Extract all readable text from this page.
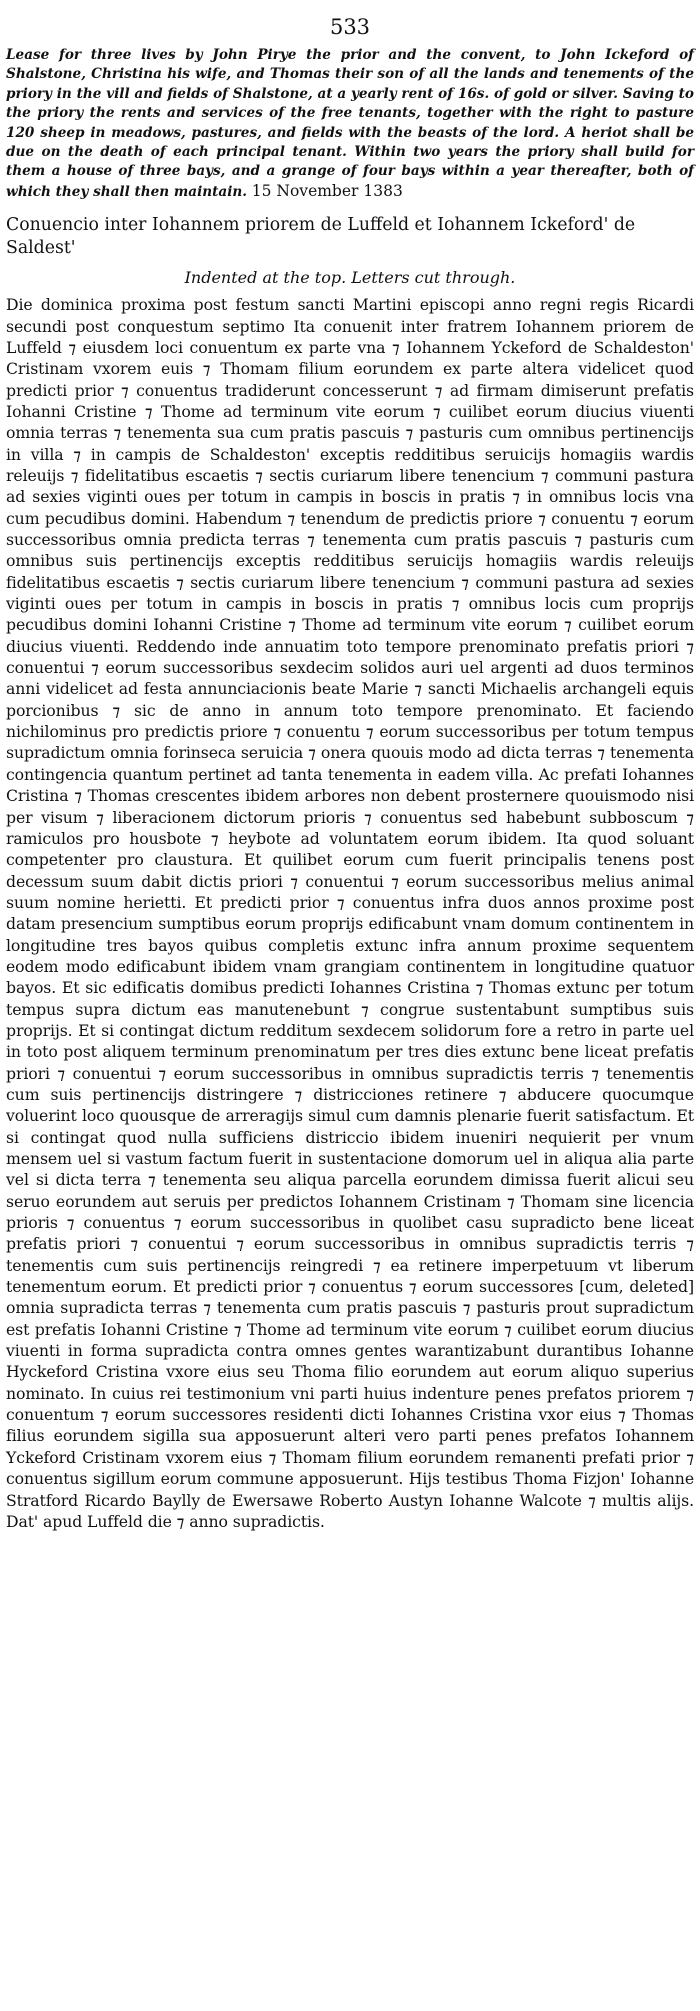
533

Lease for three lives by John Pirye the prior and the convent, to John Ickeford of Shalstone, Christina his wife, and Thomas their son of all the lands and tenements of the priory in the vill and fields of Shalstone, at a yearly rent of 16s. of gold or silver. Saving to the priory the rents and services of the free tenants, together with the right to pasture 120 sheep in meadows, pastures, and fields with the beasts of the lord. A heriot shall be due on the death of each principal tenant. Within two years the priory shall build for them a house of three bays, and a grange of four bays within a year thereafter, both of which they shall then maintain. 15 November 1383

Conuencio inter Iohannem priorem de Luffeld et Iohannem Ickeford' de Saldest'
Indented at the top. Letters cut through.

Die dominica proxima post festum sancti Martini episcopi anno regni regis Ricardi secundi post conquestum septimo Ita conuenit inter fratrem Iohannem priorem de Luffeld ⁊ eiusdem loci conuentum ex parte vna ⁊ Iohannem Yckeford de Schaldeston' Cristinam vxorem euis ⁊ Thomam filium eorundem ex parte altera videlicet quod predicti prior ⁊ conuentus tradiderunt concesserunt ⁊ ad firmam dimiserunt prefatis Iohanni Cristine ⁊ Thome ad terminum vite eorum ⁊ cuilibet eorum diucius viuenti omnia terras ⁊ tenementa sua cum pratis pascuis ⁊ pasturis cum omnibus pertinencijs in villa ⁊ in campis de Schaldeston' exceptis redditibus seruicijs homagiis wardis releuijs ⁊ fidelitatibus escaetis ⁊ sectis curiarum libere tenencium ⁊ communi pastura ad sexies viginti oues per totum in campis in boscis in pratis ⁊ in omnibus locis vna cum pecudibus domini. Habendum ⁊ tenendum de predictis priore ⁊ conuentu ⁊ eorum successoribus omnia predicta terras ⁊ tenementa cum pratis pascuis ⁊ pasturis cum omnibus suis pertinencijs exceptis redditibus seruicijs homagiis wardis releuijs fidelitatibus escaetis ⁊ sectis curiarum libere tenencium ⁊ communi pastura ad sexies viginti oues per totum in campis in boscis in pratis ⁊ omnibus locis cum proprijs pecudibus domini Iohanni Cristine ⁊ Thome ad terminum vite eorum ⁊ cuilibet eorum diucius viuenti. Reddendo inde annuatim toto tempore prenominato prefatis priori ⁊ conuentui ⁊ eorum successoribus sexdecim solidos auri uel argenti ad duos terminos anni videlicet ad festa annunciacionis beate Marie ⁊ sancti Michaelis archangeli equis porcionibus ⁊ sic de anno in annum toto tempore prenominato. Et faciendo nichilominus pro predictis priore ⁊ conuentu ⁊ eorum successoribus per totum tempus supradictum omnia forinseca seruicia ⁊ onera quouis modo ad dicta terras ⁊ tenementa contingencia quantum pertinet ad tanta tenementa in eadem villa. Ac prefati Iohannes Cristina ⁊ Thomas crescentes ibidem arbores non debent prosternere quouismodo nisi per visum ⁊ liberacionem dictorum prioris ⁊ conuentus sed habebunt subboscum ⁊ ramiculos pro housbote ⁊ heybote ad voluntatem eorum ibidem. Ita quod soluant competenter pro claustura. Et quilibet eorum cum fuerit principalis tenens post decessum suum dabit dictis priori ⁊ conuentui ⁊ eorum successoribus melius animal suum nomine herietti. Et predicti prior ⁊ conuentus infra duos annos proxime post datam presencium sumptibus eorum proprijs edificabunt vnam domum continentem in longitudine tres bayos quibus completis extunc infra annum proxime sequentem eodem modo edificabunt ibidem vnam grangiam continentem in longitudine quatuor bayos. Et sic edificatis domibus predicti Iohannes Cristina ⁊ Thomas extunc per totum tempus supra dictum eas manutenebunt ⁊ congrue sustentabunt sumptibus suis proprijs. Et si contingat dictum redditum sexdecem solidorum fore a retro in parte uel in toto post aliquem terminum prenominatum per tres dies extunc bene liceat prefatis priori ⁊ conuentui ⁊ eorum successoribus in omnibus supradictis terris ⁊ tenementis cum suis pertinencijs distringere ⁊ districciones retinere ⁊ abducere quocumque voluerint loco quousque de arreragijs simul cum damnis plenarie fuerit satisfactum. Et si contingat quod nulla sufficiens districcio ibidem inueniri nequierit per vnum mensem uel si vastum factum fuerit in sustentacione domorum uel in aliqua alia parte vel si dicta terra ⁊ tenementa seu aliqua parcella eorundem dimissa fuerit alicui seu seruo eorundem aut seruis per predictos Iohannem Cristinam ⁊ Thomam sine licencia prioris ⁊ conuentus ⁊ eorum successoribus in quolibet casu supradicto bene liceat prefatis priori ⁊ conuentui ⁊ eorum successoribus in omnibus supradictis terris ⁊ tenementis cum suis pertinencijs reingredi ⁊ ea retinere imperpetuum vt liberum tenementum eorum. Et predicti prior ⁊ conuentus ⁊ eorum successores [cum, deleted] omnia supradicta terras ⁊ tenementa cum pratis pascuis ⁊ pasturis prout supradictum est prefatis Iohanni Cristine ⁊ Thome ad terminum vite eorum ⁊ cuilibet eorum diucius viuenti in forma supradicta contra omnes gentes warantizabunt durantibus Iohanne Hyckeford Cristina vxore eius seu Thoma filio eorundem aut eorum aliquo superius nominato. In cuius rei testimonium vni parti huius indenture penes prefatos priorem ⁊ conuentum ⁊ eorum successores residenti dicti Iohannes Cristina vxor eius ⁊ Thomas filius eorundem sigilla sua apposuerunt alteri vero parti penes prefatos Iohannem Yckeford Cristinam vxorem eius ⁊ Thomam filium eorundem remanenti prefati prior ⁊ conuentus sigillum eorum commune apposuerunt. Hijs testibus Thoma Fizjon' Iohanne Stratford Ricardo Baylly de Ewersawe Roberto Austyn Iohanne Walcote ⁊ multis alijs. Dat' apud Luffeld die ⁊ anno supradictis.
